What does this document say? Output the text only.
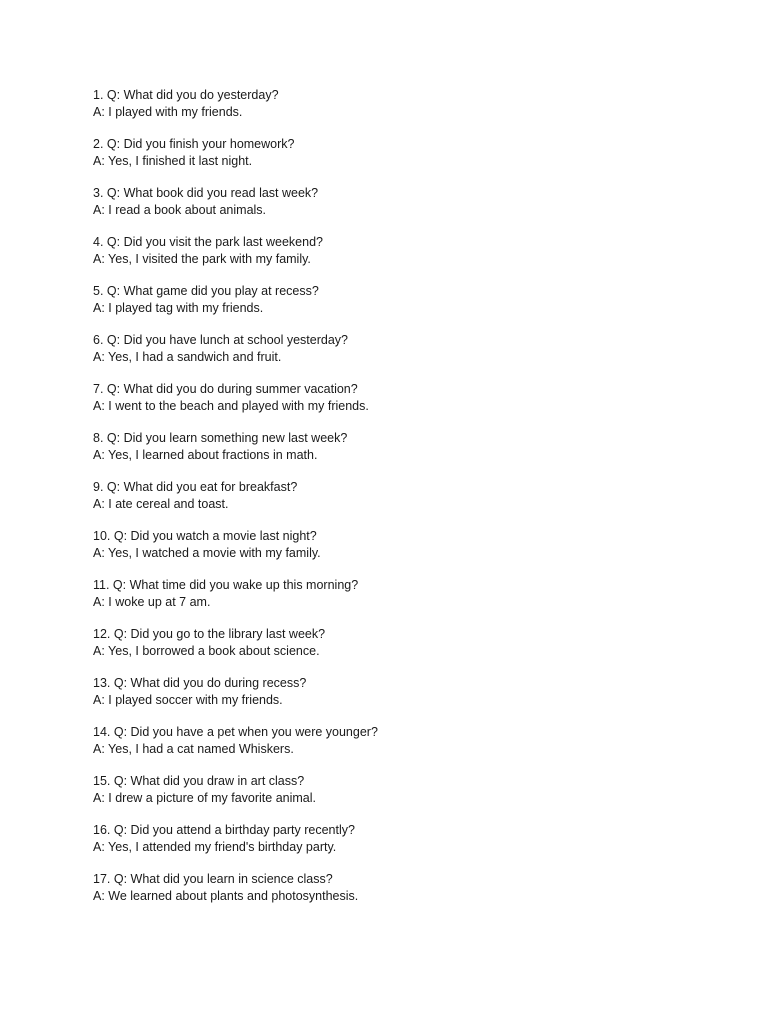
1. Q: What did you do yesterday?
A: I played with my friends.
2. Q: Did you finish your homework?
A: Yes, I finished it last night.
3. Q: What book did you read last week?
A: I read a book about animals.
4. Q: Did you visit the park last weekend?
A: Yes, I visited the park with my family.
5. Q: What game did you play at recess?
A: I played tag with my friends.
6. Q: Did you have lunch at school yesterday?
A: Yes, I had a sandwich and fruit.
7. Q: What did you do during summer vacation?
A: I went to the beach and played with my friends.
8. Q: Did you learn something new last week?
A: Yes, I learned about fractions in math.
9. Q: What did you eat for breakfast?
A: I ate cereal and toast.
10. Q: Did you watch a movie last night?
A: Yes, I watched a movie with my family.
11. Q: What time did you wake up this morning?
A: I woke up at 7 am.
12. Q: Did you go to the library last week?
A: Yes, I borrowed a book about science.
13. Q: What did you do during recess?
A: I played soccer with my friends.
14. Q: Did you have a pet when you were younger?
A: Yes, I had a cat named Whiskers.
15. Q: What did you draw in art class?
A: I drew a picture of my favorite animal.
16. Q: Did you attend a birthday party recently?
A: Yes, I attended my friend's birthday party.
17. Q: What did you learn in science class?
A: We learned about plants and photosynthesis.
